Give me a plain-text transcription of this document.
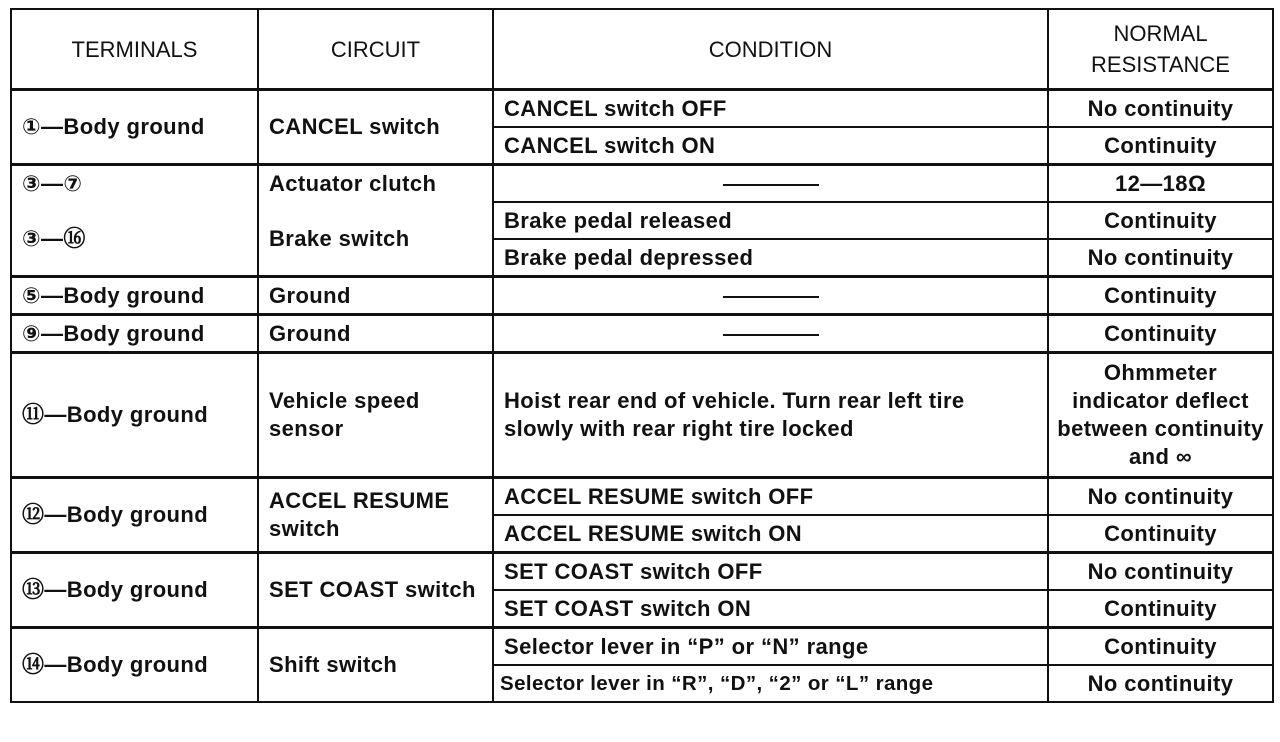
TERMINALS	CIRCUIT	CONDITION	NORMAL
RESISTANCE
①—Body ground	CANCEL switch	CANCEL switch OFF	No continuity
		CANCEL switch ON	Continuity
③—⑦	Actuator clutch		12—18Ω
③—⑯	Brake switch	Brake pedal released	Continuity
		Brake pedal depressed	No continuity
⑤—Body ground	Ground		Continuity
⑨—Body ground	Ground		Continuity
⑪—Body ground	Vehicle speed sensor	Hoist rear end of vehicle. Turn rear left tire slowly with rear right tire locked	Ohmmeter indicator deflect between continuity and ∞
⑫—Body ground	ACCEL RESUME switch	ACCEL RESUME switch OFF	No continuity
		ACCEL RESUME switch ON	Continuity
⑬—Body ground	SET COAST switch	SET COAST switch OFF	No continuity
		SET COAST switch ON	Continuity
⑭—Body ground	Shift switch	Selector lever in “P” or “N” range	Continuity
		Selector lever in “R”, “D”, “2” or “L” range	No continuity
